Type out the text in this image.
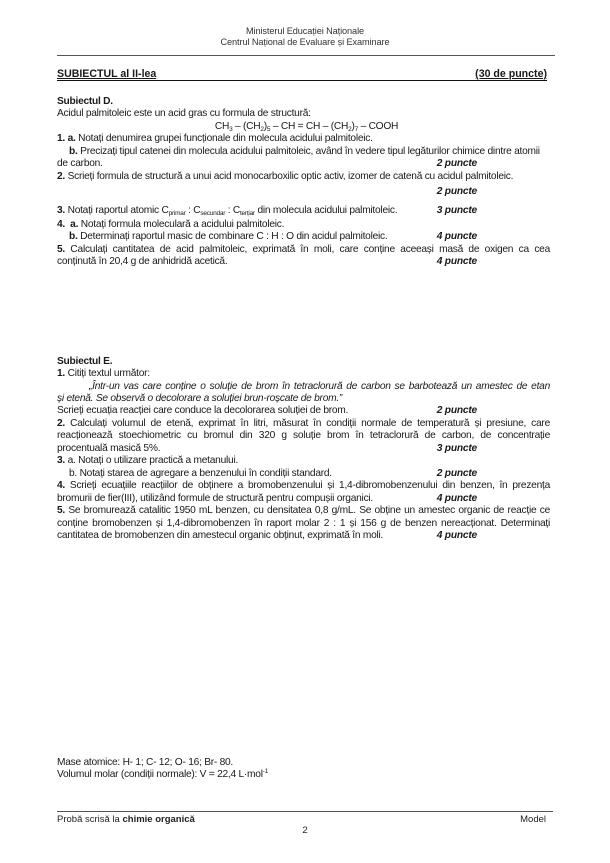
Ministerul Educației Naționale
Centrul Național de Evaluare și Examinare
SUBIECTUL al II-lea	(30 de puncte)
Subiectul D.
Acidul palmitoleic este un acid gras cu formula de structură:
$CH_3 - (CH_2)_5$ – CH = CH – $(CH_2)_7$ – COOH
1. a. Notați denumirea grupei funcționale din molecula acidului palmitoleic.
b. Precizați tipul catenei din molecula acidului palmitoleic, având în vedere tipul legăturilor chimice dintre atomii
de carbon.	2 puncte
2. Scrieți formula de structură a unui acid monocarboxilic optic activ, izomer de catenă cu acidul palmitoleic.
2 puncte
3. Notați raportul atomic $C_{primar}$ : $C_{secundar}$ : $C_{terțiar}$ din molecula acidului palmitoleic.	3 puncte
4.  a. Notați formula moleculară a acidului palmitoleic.
b. Determinați raportul masic de combinare C : H : O din acidul palmitoleic.	4 puncte
5. Calculați cantitatea de acid palmitoleic, exprimată în moli, care conține aceeași masă de oxigen ca cea
conținută în 20,4 g de anhidridă acetică.	4 puncte
Subiectul E.
1. Citiți textul următor:
„Într-un vas care conține o soluție de brom în tetraclorură de carbon se barbotează un amestec de etan
și etenă. Se observă o decolorare a soluției brun-roșcate de brom.”
Scrieți ecuația reacției care conduce la decolorarea soluției de brom.	2 puncte
2. Calculați volumul de etenă, exprimat în litri, măsurat în condiții normale de temperatură și presiune, care
reacționează stoechiometric cu bromul din 320 g soluție brom în tetraclorură de carbon, de concentrație
procentuală masică 5%.	3 puncte
3. a. Notați o utilizare practică a metanului.
b. Notați starea de agregare a benzenului în condiții standard.	2 puncte
4. Scrieți ecuațiile reacțiilor de obținere a bromobenzenului și 1,4-dibromobenzenului din benzen, în prezența
bromurii de fier(III), utilizând formule de structură pentru compușii organici.	4 puncte
5. Se bromurează catalitic 1950 mL benzen, cu densitatea 0,8 g/mL. Se obține un amestec organic de reacție ce
conține bromobenzen și 1,4-dibromobenzen în raport molar 2 : 1 și 156 g de benzen nereacționat. Determinați
cantitatea de bromobenzen din amestecul organic obținut, exprimată în moli.	4 puncte
Mase atomice: H- 1; C- 12; O- 16; Br- 80.
Volumul molar (condiții normale): V = 22,4 L·mol$^{-1}$
Probă scrisă la chimie organică	Model
2
